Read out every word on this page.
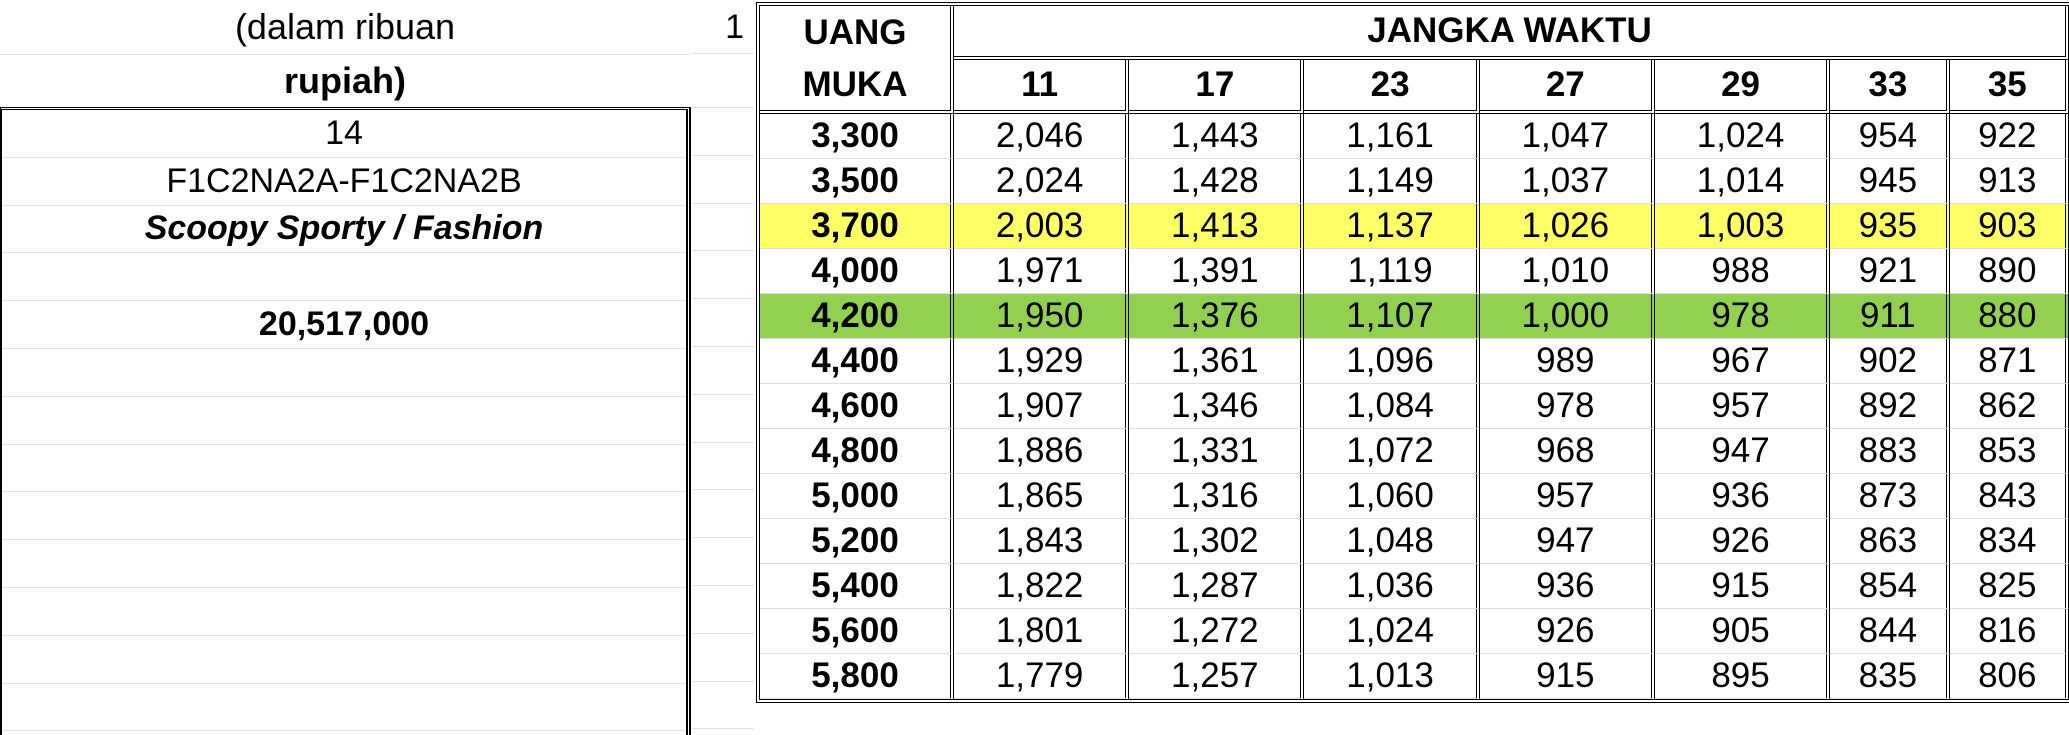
(dalam ribuan
rupiah)
14
F1C2NA2A-F1C2NA2B
Scoopy Sporty / Fashion
20,517,000
1 UANG	JANGKA WAKTU						
MUKA	11	17	23	27	29	33	35
3,300	2,046	1,443	1,161	1,047	1,024	954	922
3,500	2,024	1,428	1,149	1,037	1,014	945	913
3,700	2,003	1,413	1,137	1,026	1,003	935	903
4,000	1,971	1,391	1,119	1,010	988	921	890
4,200	1,950	1,376	1,107	1,000	978	911	880
4,400	1,929	1,361	1,096	989	967	902	871
4,600	1,907	1,346	1,084	978	957	892	862
4,800	1,886	1,331	1,072	968	947	883	853
5,000	1,865	1,316	1,060	957	936	873	843
5,200	1,843	1,302	1,048	947	926	863	834
5,400	1,822	1,287	1,036	936	915	854	825
5,600	1,801	1,272	1,024	926	905	844	816
5,800	1,779	1,257	1,013	915	895	835	806
